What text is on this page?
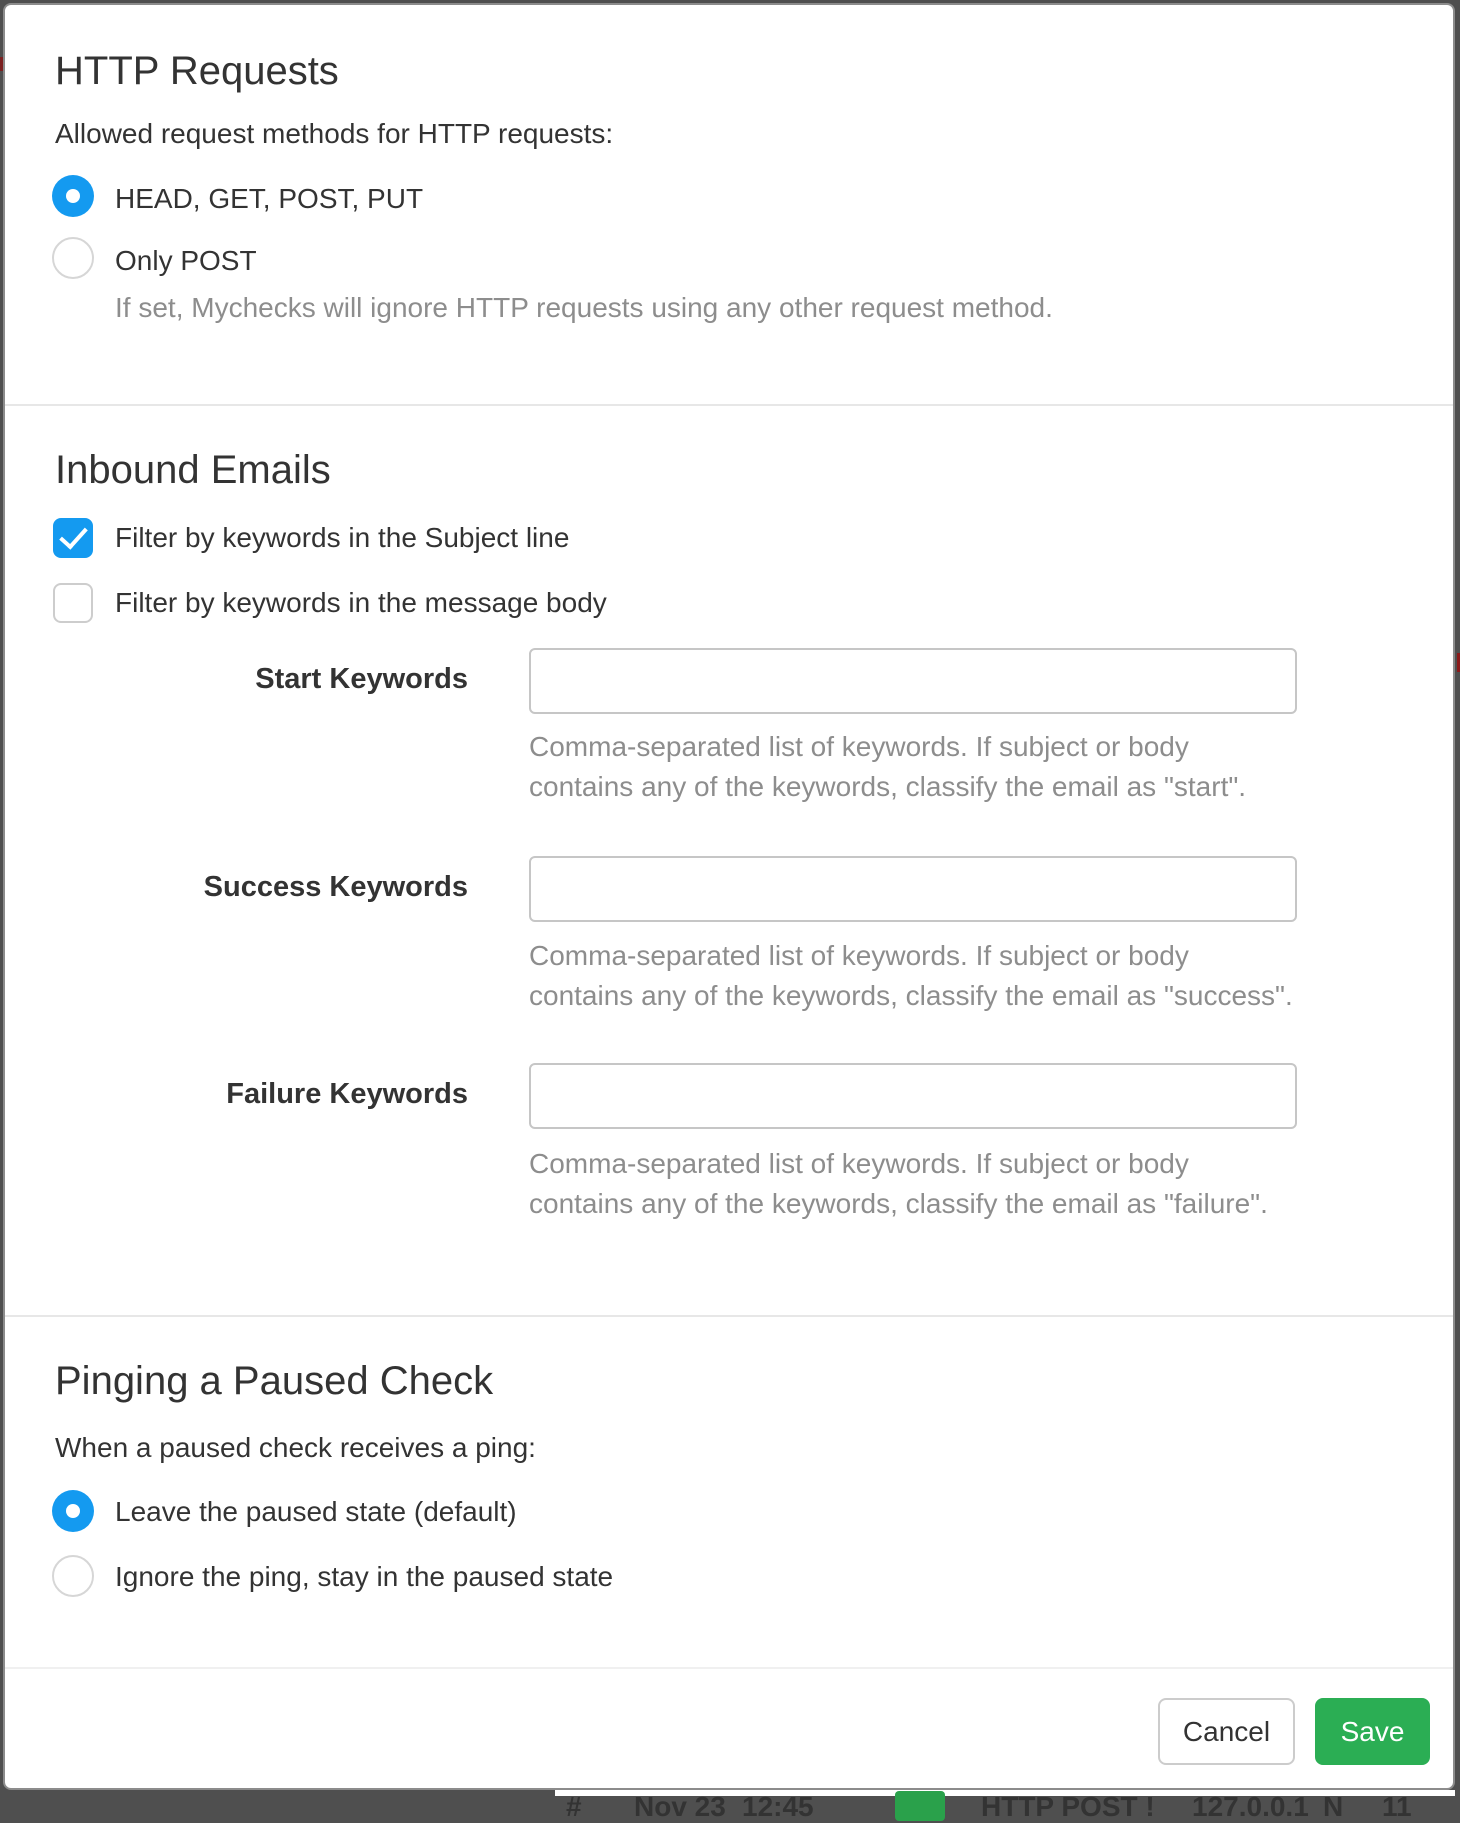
# Nov 23 12:45	HTTP POST ! 127.0.0.1 N 11
HTTP Requests
Allowed request methods for HTTP requests:
HEAD, GET, POST, PUT
Only POST
If set, Mychecks will ignore HTTP requests using any other request method.
Inbound Emails
Filter by keywords in the Subject line
Filter by keywords in the message body
Start Keywords
Comma-separated list of keywords. If subject or body
contains any of the keywords, classify the email as "start".
Success Keywords
Comma-separated list of keywords. If subject or body
contains any of the keywords, classify the email as "success".
Failure Keywords
Comma-separated list of keywords. If subject or body
contains any of the keywords, classify the email as "failure".
Pinging a Paused Check
When a paused check receives a ping:
Leave the paused state (default)
Ignore the ping, stay in the paused state
Cancel	Save
